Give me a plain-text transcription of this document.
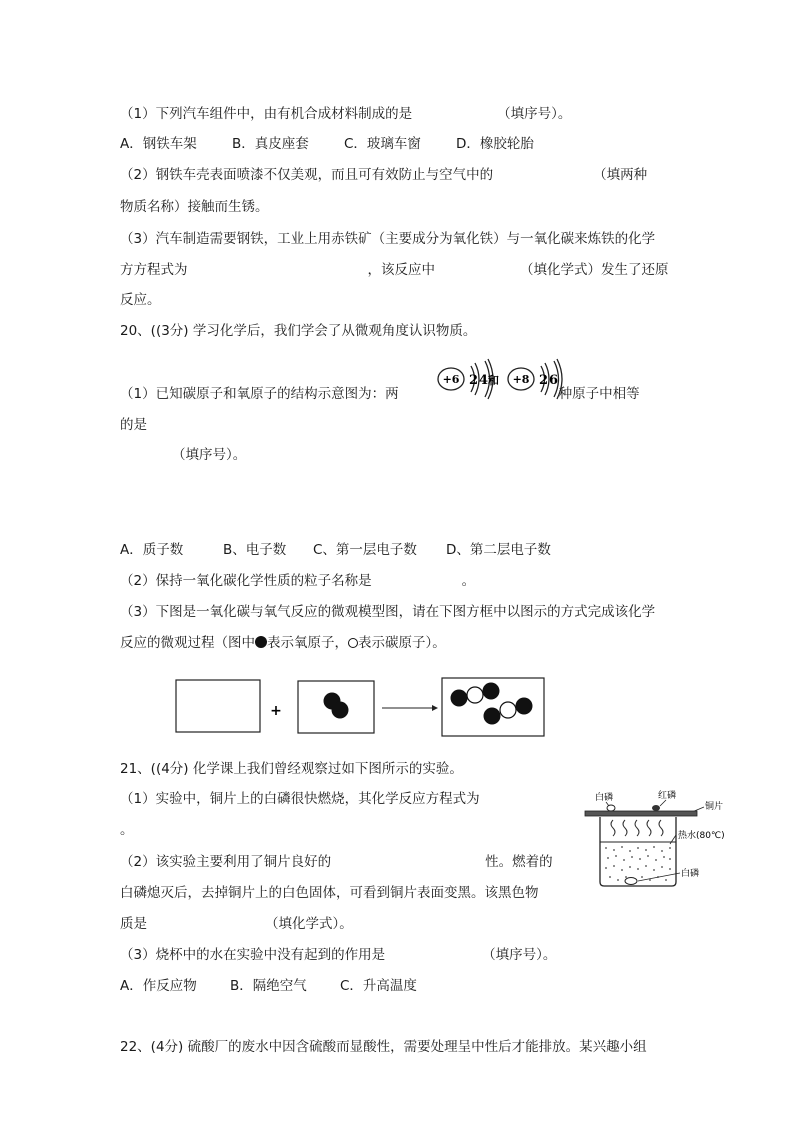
（1）下列汽车组件中，由有机合成材料制成的是	（填序号）。
A．钢铁车架	B．真皮座套	C．玻璃车窗	D．橡胶轮胎
（2）钢铁车壳表面喷漆不仅美观，而且可有效防止与空气中的	（填两种
物质名称）接触而生锈。
（3）汽车制造需要钢铁，工业上用赤铁矿（主要成分为氧化铁）与一氧化碳来炼铁的化学
方方程式为	，该反应中	（填化学式）发生了还原
反应。
20、((3分) 学习化学后，我们学会了从微观角度认识物质。
（1）已知碳原子和氧原子的结构示意图为：两	种原子中相等
+6 2 4 和 +8 2 6
的是
（填序号）。
A．质子数	B、电子数 C、第一层电子数 D、第二层电子数
（2）保持一氧化碳化学性质的粒子名称是	。
（3）下图是一氧化碳与氧气反应的微观模型图，请在下图方框中以图示的方式完成该化学
反应的微观过程（图中 表示氧原子， 表示碳原子）。
+
21、((4分) 化学课上我们曾经观察过如下图所示的实验。
（1）实验中，铜片上的白磷很快燃烧，其化学反应方程式为
。
（2）该实验主要利用了铜片良好的	性。燃着的
白磷熄灭后，去掉铜片上的白色固体，可看到铜片表面变黑。该黑色物
质是	（填化学式）。
（3）烧杯中的水在实验中没有起到的作用是	（填序号）。
A．作反应物 B．隔绝空气 C．升高温度
白磷	红磷
铜片
热水(80℃)
白磷
22、(4分) 硫酸厂的废水中因含硫酸而显酸性，需要处理呈中性后才能排放。某兴趣小组
